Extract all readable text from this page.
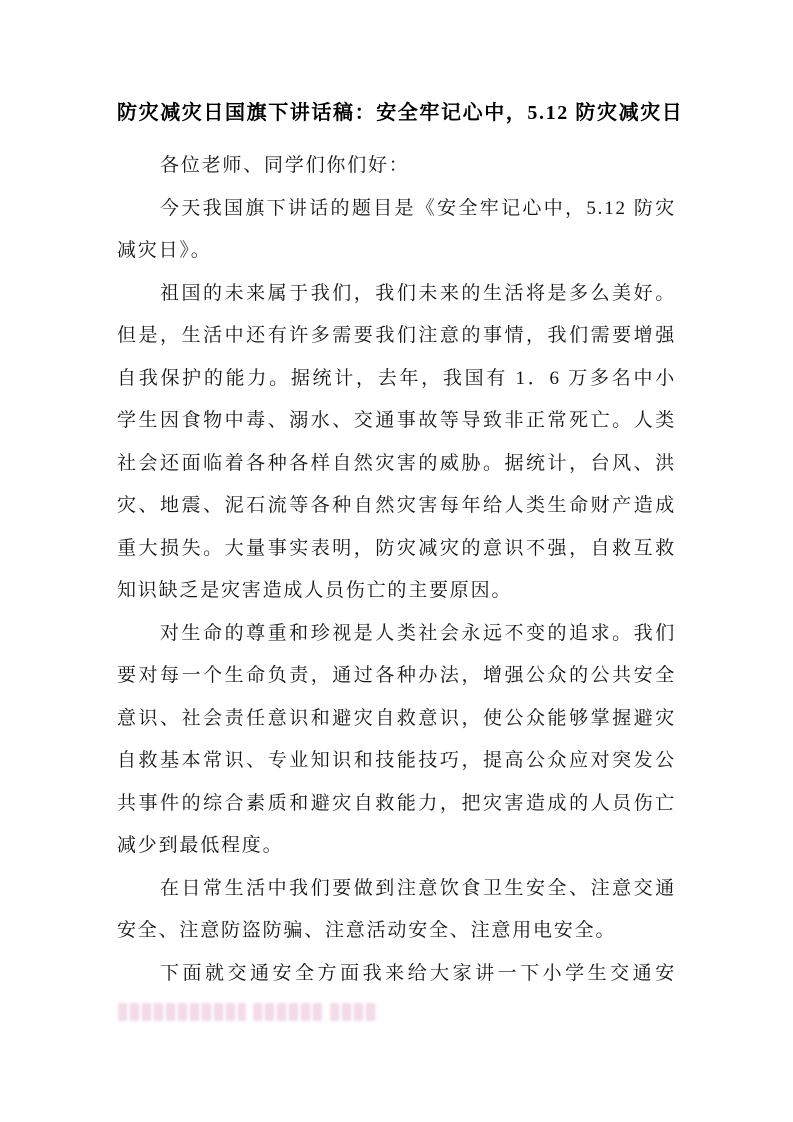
防灾减灾日国旗下讲话稿：安全牢记心中，5.12 防灾减灾日
各位老师、同学们你们好：
今天我国旗下讲话的题目是《安全牢记心中，5.12 防灾
减灾日》。
祖国的未来属于我们，我们未来的生活将是多么美好。
但是，生活中还有许多需要我们注意的事情，我们需要增强
自我保护的能力。据统计，去年，我国有 1．6 万多名中小
学生因食物中毒、溺水、交通事故等导致非正常死亡。人类
社会还面临着各种各样自然灾害的威胁。据统计，台风、洪
灾、地震、泥石流等各种自然灾害每年给人类生命财产造成
重大损失。大量事实表明，防灾减灾的意识不强，自救互救
知识缺乏是灾害造成人员伤亡的主要原因。
对生命的尊重和珍视是人类社会永远不变的追求。我们
要对每一个生命负责，通过各种办法，增强公众的公共安全
意识、社会责任意识和避灾自救意识，使公众能够掌握避灾
自救基本常识、专业知识和技能技巧，提高公众应对突发公
共事件的综合素质和避灾自救能力，把灾害造成的人员伤亡
减少到最低程度。
在日常生活中我们要做到注意饮食卫生安全、注意交通
安全、注意防盗防骗、注意活动安全、注意用电安全。
下面就交通安全方面我来给大家讲一下小学生交通安
